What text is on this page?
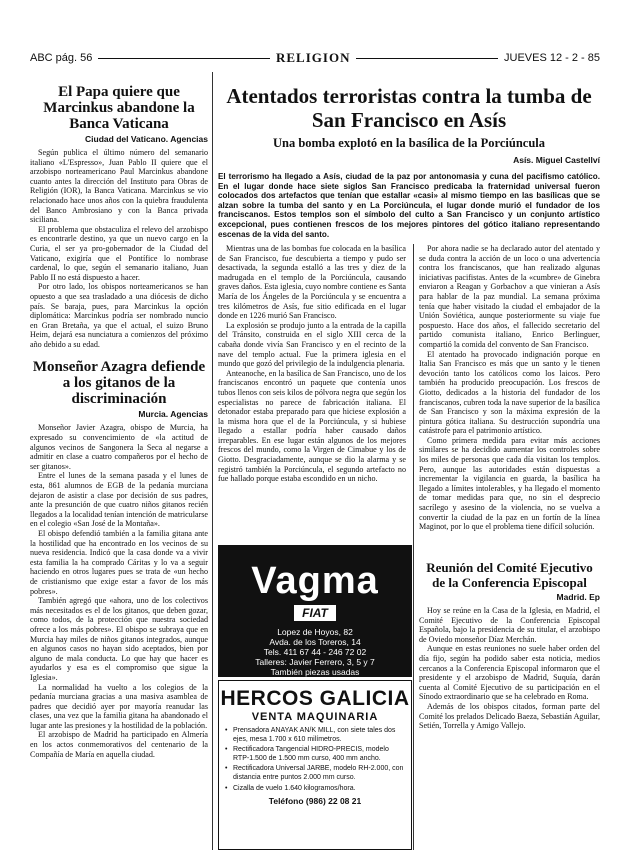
ABC pág. 56	RELIGION	JUEVES 12 - 2 - 85
El Papa quiere que Marcinkus abandone la Banca Vaticana
Ciudad del Vaticano. Agencias

Según publica el último número del semanario italiano «L'Espresso», Juan Pablo II quiere que el arzobispo norteamericano Paul Marcinkus abandone cuanto antes la dirección del Instituto para Obras de Religión (IOR), la Banca Vaticana. Marcinkus se vio relacionado hace unos años con la quiebra fraudulenta del Banco Ambrosiano y con la Banca privada siciliana.

El problema que obstaculiza el relevo del arzobispo es encontrarle destino, ya que un nuevo cargo en la Curia, el ser ya pro-gobernador de la Ciudad del Vaticano, exigiría que el Pontífice lo nombrase cardenal, lo que, según el semanario italiano, Juan Pablo II no está dispuesto a hacer.

Por otro lado, los obispos norteamericanos se han opuesto a que sea trasladado a una diócesis de dicho país. Se baraja, pues, para Marcinkus la opción diplomática: Marcinkus podría ser nombrado nuncio en Gran Bretaña, ya que el actual, el suizo Bruno Heim, dejará esa nunciatura a comienzos del próximo año debido a su edad.

Monseñor Azagra defiende a los gitanos de la discriminación
Murcia. Agencias

Monseñor Javier Azagra, obispo de Murcia, ha expresado su convencimiento de «la actitud de algunos vecinos de Sangonera la Seca al negarse a admitir en clase a cuatro compañeros por el hecho de ser gitanos».

Entre el lunes de la semana pasada y el lunes de esta, 861 alumnos de EGB de la pedanía murciana dejaron de asistir a clase por decisión de sus padres, ante la presunción de que cuatro niños gitanos recién llegados a la localidad tenían intención de matricularse en el colegio «San José de la Montaña».

El obispo defendió también a la familia gitana ante la hostilidad que ha encontrado en los vecinos de su nueva residencia. Indicó que la casa donde va a vivir esta familia la ha comprado Cáritas y lo va a seguir haciendo en otros lugares pues se trata de «un hecho de cristianismo que exige estar a favor de los más pobres».

También agregó que «ahora, uno de los colectivos más necesitados es el de los gitanos, que deben gozar, como todos, de la protección que nuestra sociedad ofrece a los más pobres». El obispo se subraya que en Murcia hay miles de niños gitanos integrados, aunque en algunos casos no hayan sido aceptados, bien por alguno de mala conducta. Lo que hay que hacer es ayudarlos y esa es el compromiso que sigue la Iglesia».

La normalidad ha vuelto a los colegios de la pedanía murciana gracias a una masiva asamblea de padres que decidió ayer por mayoría reanudar las clases, una vez que la familia gitana ha abandonado el lugar ante las presiones y la hostilidad de la población.

El arzobispo de Madrid ha participado en Almería en los actos conmemorativos del centenario de la Compañía de María en aquella ciudad.

Atentados terroristas contra la tumba de San Francisco en Asís
Una bomba explotó en la basílica de la Porciúncula
Asís. Miguel Castellví
El terrorismo ha llegado a Asís, ciudad de la paz por antonomasia y cuna del pacifismo católico. En el lugar donde hace siete siglos San Francisco predicaba la fraternidad universal fueron colocados dos artefactos que tenían que estallar «casi» al mismo tiempo en las basílicas que se alzan sobre la tumba del santo y en La Porciúncula, el lugar donde murió el fundador de los franciscanos. Estos templos son el símbolo del culto a San Francisco y un conjunto artístico excepcional, pues contienen frescos de los mejores pintores del gótico italiano representando escenas de la vida del santo.

Mientras una de las bombas fue colocada en la basílica de San Francisco, fue descubierta a tiempo y pudo ser desactivada, la segunda estalló a las tres y diez de la madrugada en el templo de la Porciúncula, causando graves daños. Esta iglesia, cuyo nombre contiene es Santa María de los Ángeles de la Porciúncula y se encuentra a tres kilómetros de Asís, fue sitio edificada en el lugar donde en 1226 murió San Francisco.

La explosión se produjo junto a la entrada de la capilla del Tránsito, construida en el siglo XIII cerca de la cabaña donde vivía San Francisco y en el recinto de la nave del templo actual. Fue la primera iglesia en el mundo que gozó del privilegio de la indulgencia plenaria.

Anteanoche, en la basílica de San Francisco, uno de los franciscanos encontró un paquete que contenía unos tubos llenos con seis kilos de pólvora negra que según los especialistas no parece de fabricación italiana. El detonador estaba preparado para que hiciese explosión a la misma hora que el de la Porciúncula, y si hubiese llegado a estallar podría haber causado daños irreparables. En ese lugar están algunos de los mejores frescos del mundo, como la Virgen de Cimabue y los de Giotto. Desgraciadamente, aunque se dio la alarma y se registró también la Porciúncula, el segundo artefacto no fue hallado porque estaba escondido en un nicho.

Por ahora nadie se ha declarado autor del atentado y se duda contra la acción de un loco o una advertencia contra los franciscanos, que han realizado algunas iniciativas pacifistas. Antes de la «cumbre» de Ginebra enviaron a Reagan y Gorbachov a que vinieran a Asís para hablar de la paz mundial. La semana próxima tenía que haber visitado la ciudad el embajador de la Unión Soviética, aunque posteriormente su viaje fue pospuesto. Hace dos años, el fallecido secretario del partido comunista italiano, Enrico Berlinguer, compartió la comida del convento de San Francisco.

El atentado ha provocado indignación porque en Italia San Francisco es más que un santo y le tienen devoción tanto los católicos como los laicos. Pero también ha producido preocupación. Los frescos de Giotto, dedicados a la historia del fundador de los franciscanos, cubren toda la nave superior de la basílica de San Francisco y son la máxima expresión de la pintura gótica italiana. Su destrucción supondría una catástrofe para el patrimonio artístico.

Como primera medida para evitar más acciones similares se ha decidido aumentar los controles sobre los miles de personas que cada día visitan los templos. Pero, aunque las autoridades están dispuestas a incrementar la vigilancia en guarda, la basílica ha llegado a límites intolerables, y ha llegado el momento de tomar medidas para que, no sin el desprecio sacrílego y asesino de la violencia, no se vuelva a convertir la ciudad de la paz en un fortín de la línea Maginot, por lo que el problema tiene difícil solución.

Reunión del Comité Ejecutivo de la Conferencia Episcopal
Madrid. Ep

Hoy se reúne en la Casa de la Iglesia, en Madrid, el Comité Ejecutivo de la Conferencia Episcopal Española, bajo la presidencia de su titular, el arzobispo de Oviedo monseñor Díaz Merchán.

Aunque en estas reuniones no suele haber orden del día fijo, según ha podido saber esta noticia, medios cercanos a la Conferencia Episcopal informaron que el presidente y el arzobispo de Madrid, Suquía, darán cuenta al Comité Ejecutivo de su participación en el Sínodo extraordinario que se ha celebrado en Roma.

Además de los obispos citados, forman parte del Comité los prelados Delicado Baeza, Sebastián Aguilar, Setién, Torrella y Amigo Vallejo.

Vagma
FIAT
Lopez de Hoyos, 82
Avda. de los Toreros, 14
Tels. 411 67 44 - 246 72 02
Talleres: Javier Ferrero, 3, 5 y 7
También piezas usadas
HERCOS GALICIA
VENTA MAQUINARIA
• Prensadora ANAYAK AN/K MILL, con siete tales dos ejes, mesa 1.700 x 610 milímetros.
• Rectificadora Tangencial HIDRO-PRECIS, modelo RTP-1.500 de 1.500 mm curso, 400 mm ancho.
• Rectificadora Universal JARBE, modelo RH-2.000, con distancia entre puntos 2.000 mm curso.
• Cizalla de vuelo 1.640 kilogramos/hora.
Teléfono (986) 22 08 21
